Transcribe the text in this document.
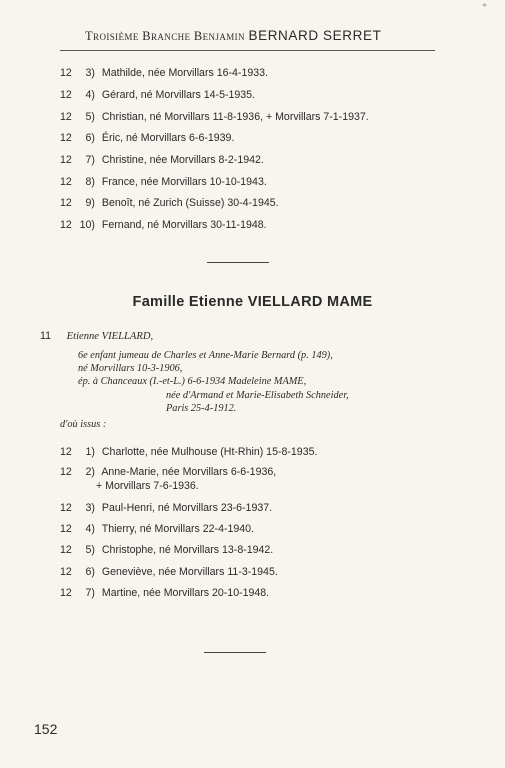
*
Troisième Branche Benjamin BERNARD SERRET
12 3) Mathilde, née Morvillars 16-4-1933.
12 4) Gérard, né Morvillars 14-5-1935.
12 5) Christian, né Morvillars 11-8-1936, + Morvillars 7-1-1937.
12 6) Éric, né Morvillars 6-6-1939.
12 7) Christine, née Morvillars 8-2-1942.
12 8) France, née Morvillars 10-10-1943.
12 9) Benoît, né Zurich (Suisse) 30-4-1945.
12 10) Fernand, né Morvillars 30-11-1948.
Famille Etienne VIELLARD MAME
11 Etienne VIELLARD,
6e enfant jumeau de Charles et Anne-Marie Bernard (p. 149),
né Morvillars 10-3-1906,
ép. à Chanceaux (I.-et-L.) 6-6-1934 Madeleine MAME,
née d'Armand et Marie-Elisabeth Schneider,
Paris 25-4-1912.
d'où issus :
12 1) Charlotte, née Mulhouse (Ht-Rhin) 15-8-1935.
12 2) Anne-Marie, née Morvillars 6-6-1936,
+ Morvillars 7-6-1936.
12 3) Paul-Henri, né Morvillars 23-6-1937.
12 4) Thierry, né Morvillars 22-4-1940.
12 5) Christophe, né Morvillars 13-8-1942.
12 6) Geneviève, née Morvillars 11-3-1945.
12 7) Martine, née Morvillars 20-10-1948.
152
